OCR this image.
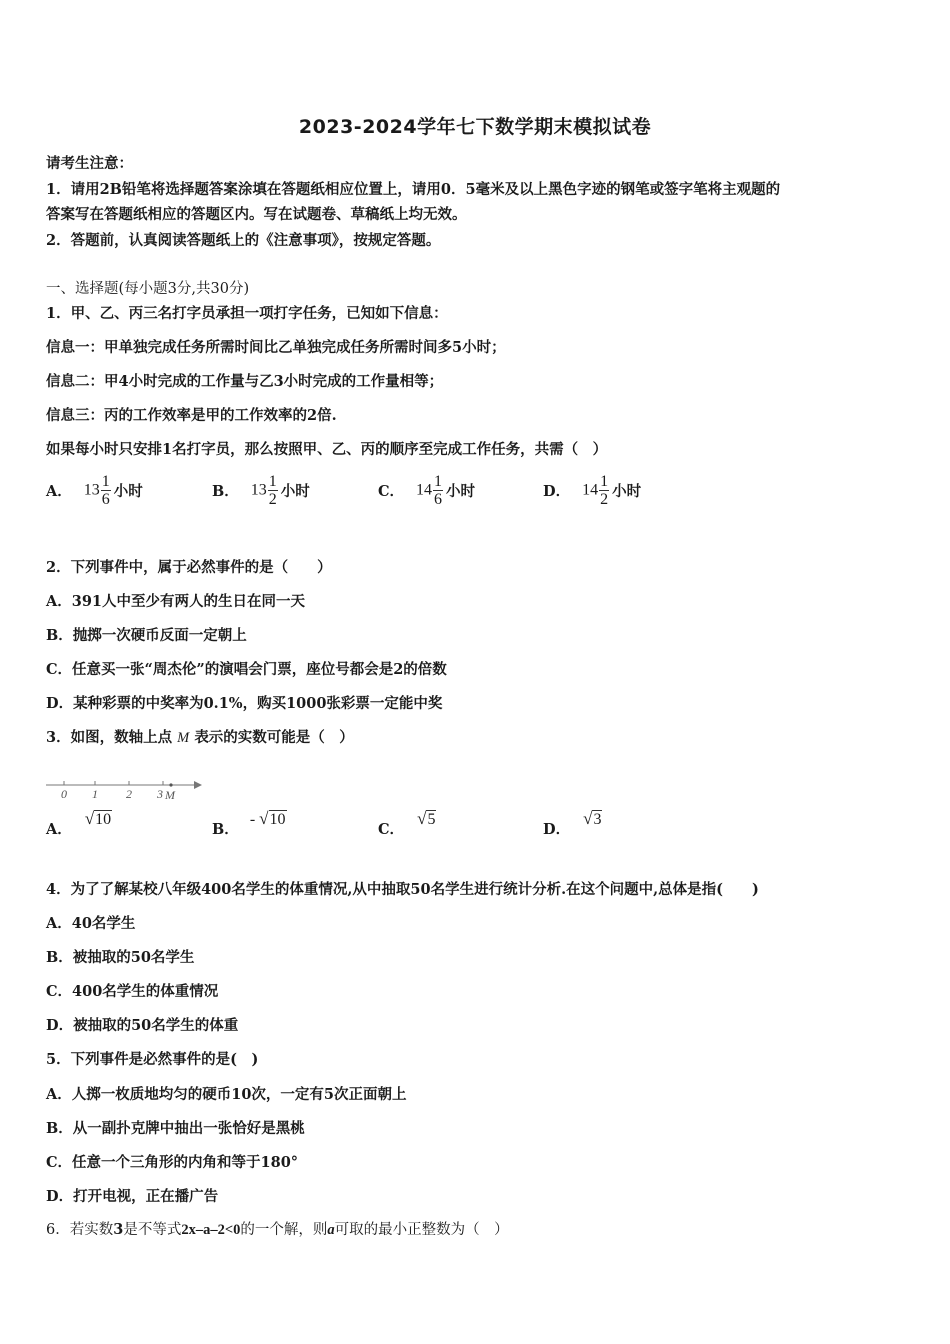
2023-2024学年七下数学期末模拟试卷
请考生注意：
1．请用2B铅笔将选择题答案涂填在答题纸相应位置上，请用0．5毫米及以上黑色字迹的钢笔或签字笔将主观题的
答案写在答题纸相应的答题区内。写在试题卷、草稿纸上均无效。
2．答题前，认真阅读答题纸上的《注意事项》，按规定答题。
一、选择题(每小题3分,共30分)
1．甲、乙、丙三名打字员承担一项打字任务，已知如下信息：
信息一：甲单独完成任务所需时间比乙单独完成任务所需时间多5小时；
信息二：甲4小时完成的工作量与乙3小时完成的工作量相等；
信息三：丙的工作效率是甲的工作效率的2倍.
如果每小时只安排1名打字员，那么按照甲、乙、丙的顺序至完成工作任务，共需（　）
A． $13 \frac{1}{6}$ 小时	B． $13 \frac{1}{2}$ 小时	C． $14 \frac{1}{6}$ 小时	D． $14 \frac{1}{2}$ 小时
2．下列事件中，属于必然事件的是（　　）
A．391人中至少有两人的生日在同一天
B．抛掷一次硬币反面一定朝上
C．任意买一张“周杰伦”的演唱会门票，座位号都会是2的倍数
D．某种彩票的中奖率为0.1%，购买1000张彩票一定能中奖
3．如图，数轴上点 M 表示的实数可能是（　）
0 1 2 3 M
A． √10
B． - √10
C． √5
D． √3
4．为了了解某校八年级400名学生的体重情况,从中抽取50名学生进行统计分析.在这个问题中,总体是指(　　)
A．40名学生
B．被抽取的50名学生
C．400名学生的体重情况
D．被抽取的50名学生的体重
5．下列事件是必然事件的是(　)
A．人掷一枚质地均匀的硬币10次，一定有5次正面朝上
B．从一副扑克牌中抽出一张恰好是黑桃
C．任意一个三角形的内角和等于180°
D．打开电视，正在播广告
6．若实数3是不等式2x–a–2<0的一个解，则a可取的最小正整数为（　）
